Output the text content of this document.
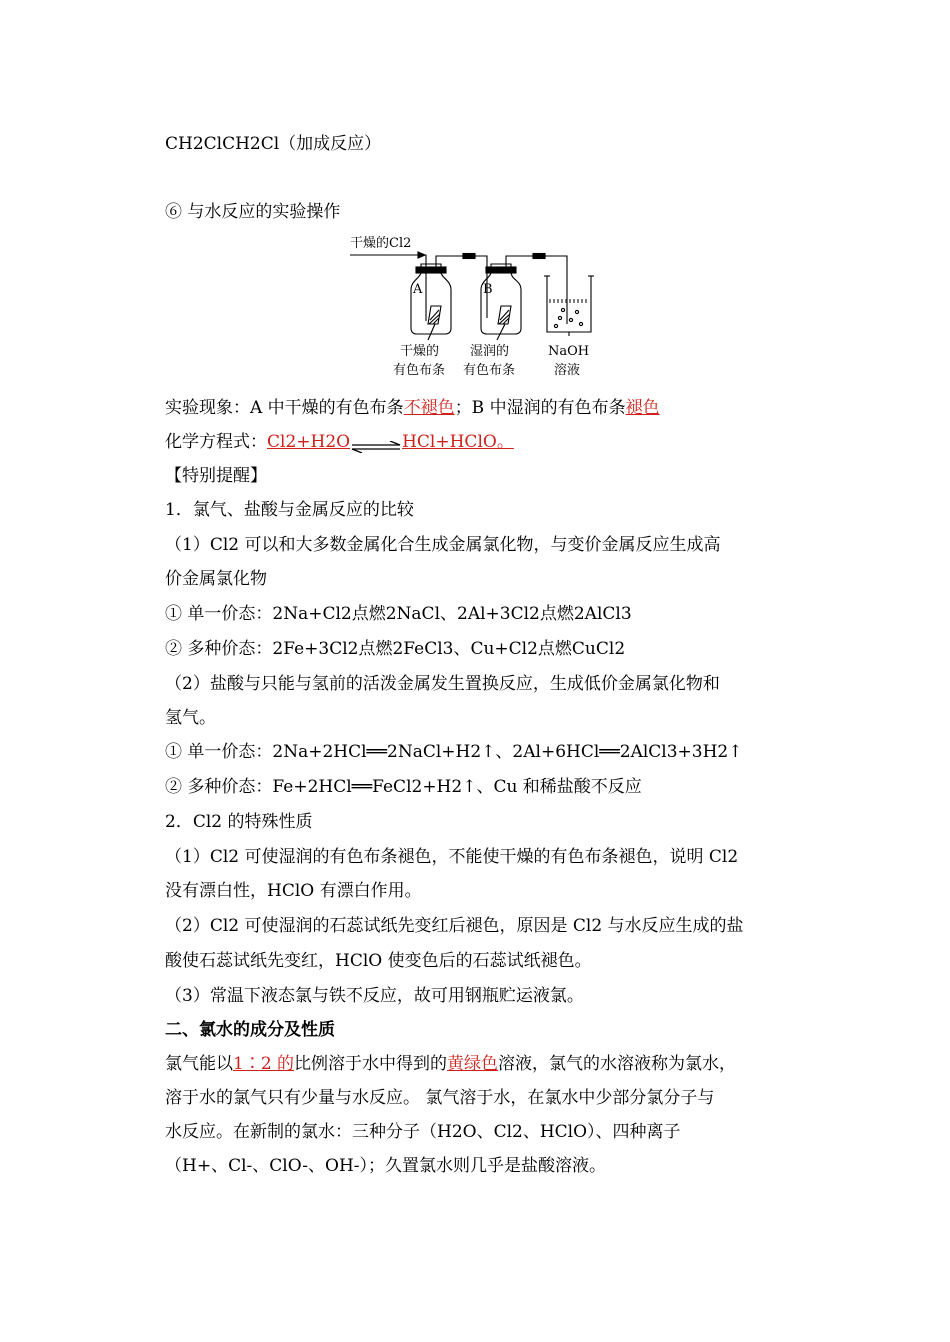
CH2ClCH2Cl（加成反应）
⑥ 与水反应的实验操作
干燥的Cl2
A	B
干燥的
有色布条
湿润的
有色布条
NaOH
溶液
实验现象：A 中干燥的有色布条不褪色；B 中湿润的有色布条褪色
化学方程式：Cl2+H2O⇌HCl+HClO。
【特别提醒】
1．氯气、盐酸与金属反应的比较
（1）Cl2 可以和大多数金属化合生成金属氯化物，与变价金属反应生成高
价金属氯化物
① 单一价态：2Na+Cl2点燃2NaCl、2Al+3Cl2点燃2AlCl3
② 多种价态：2Fe+3Cl2点燃2FeCl3、Cu+Cl2点燃CuCl2
（2）盐酸与只能与氢前的活泼金属发生置换反应，生成低价金属氯化物和
氢气。
① 单一价态：2Na+2HCl══2NaCl+H2↑、2Al+6HCl══2AlCl3+3H2↑
② 多种价态：Fe+2HCl══FeCl2+H2↑、Cu 和稀盐酸不反应
2．Cl2 的特殊性质
（1）Cl2 可使湿润的有色布条褪色，不能使干燥的有色布条褪色，说明 Cl2
没有漂白性，HClO 有漂白作用。
（2）Cl2 可使湿润的石蕊试纸先变红后褪色，原因是 Cl2 与水反应生成的盐
酸使石蕊试纸先变红，HClO 使变色后的石蕊试纸褪色。
（3）常温下液态氯与铁不反应，故可用钢瓶贮运液氯。
二、氯水的成分及性质
氯气能以1∶2 的比例溶于水中得到的黄绿色溶液，氯气的水溶液称为氯水，
溶于水的氯气只有少量与水反应。 氯气溶于水，在氯水中少部分氯分子与
水反应。在新制的氯水：三种分子（H2O、Cl2、HClO）、四种离子
（H+、Cl-、ClO-、OH-）；久置氯水则几乎是盐酸溶液。
